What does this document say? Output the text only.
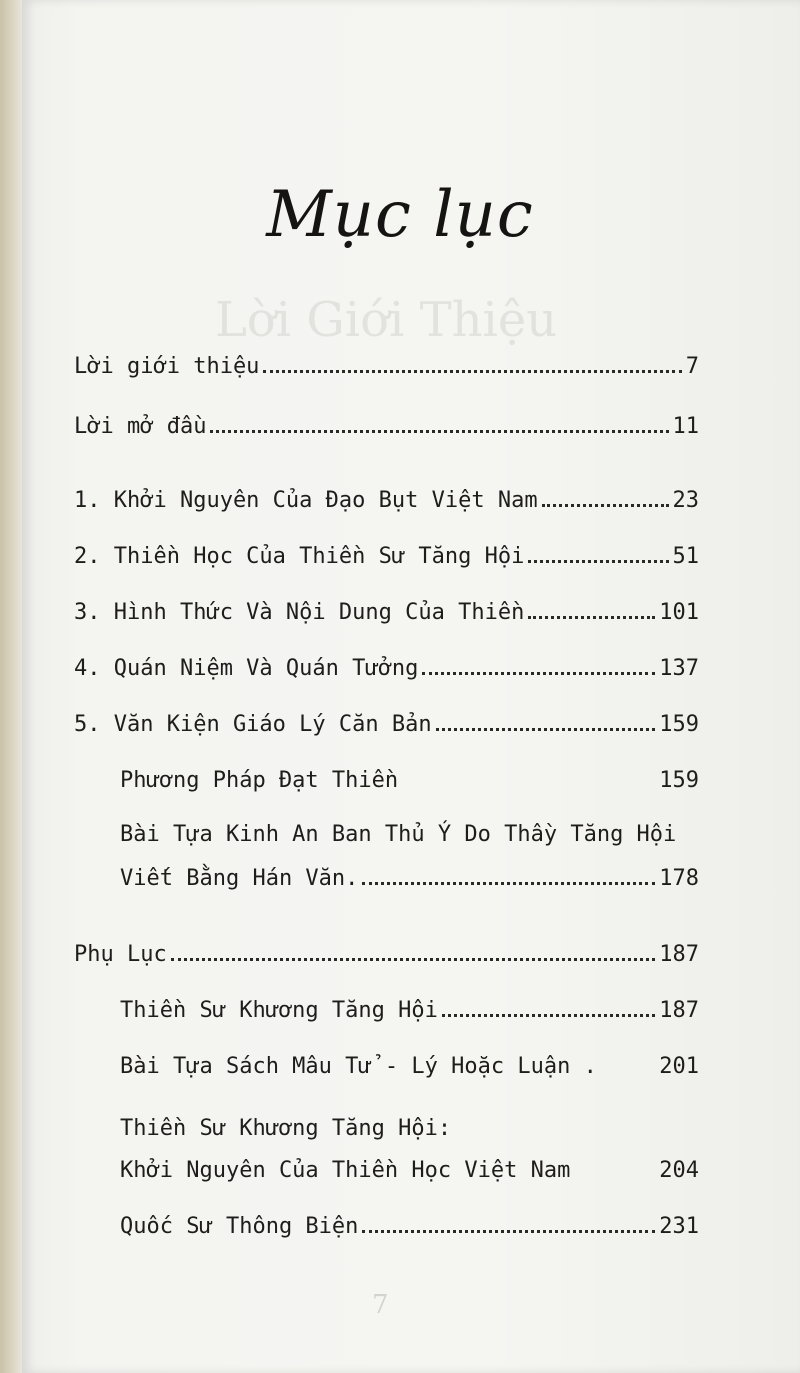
Lời Giới Thiệu
Mục lục
Lời giới thiệu	7
Lời mở đầu	11
1. Khởi Nguyên Của Đạo Bụt Việt Nam	23
2. Thiền Học Của Thiền Sư Tăng Hội	51
3. Hình Thức Và Nội Dung Của Thiền	101
4. Quán Niệm Và Quán Tưởng	137
5. Văn Kiện Giáo Lý Căn Bản	159
Phương Pháp Đạt Thiền	159
Bài Tựa Kinh An Ban Thủ Ý Do Thầy Tăng Hội
Viết Bằng Hán Văn.	178
Phụ Lục	187
Thiền Sư Khương Tăng Hội	187
Bài Tựa Sách Mâu Tử - Lý Hoặc Luận .	201
Thiền Sư Khương Tăng Hội:
Khởi Nguyên Của Thiền Học Việt Nam	204
Quốc Sư Thông Biện	231
7
